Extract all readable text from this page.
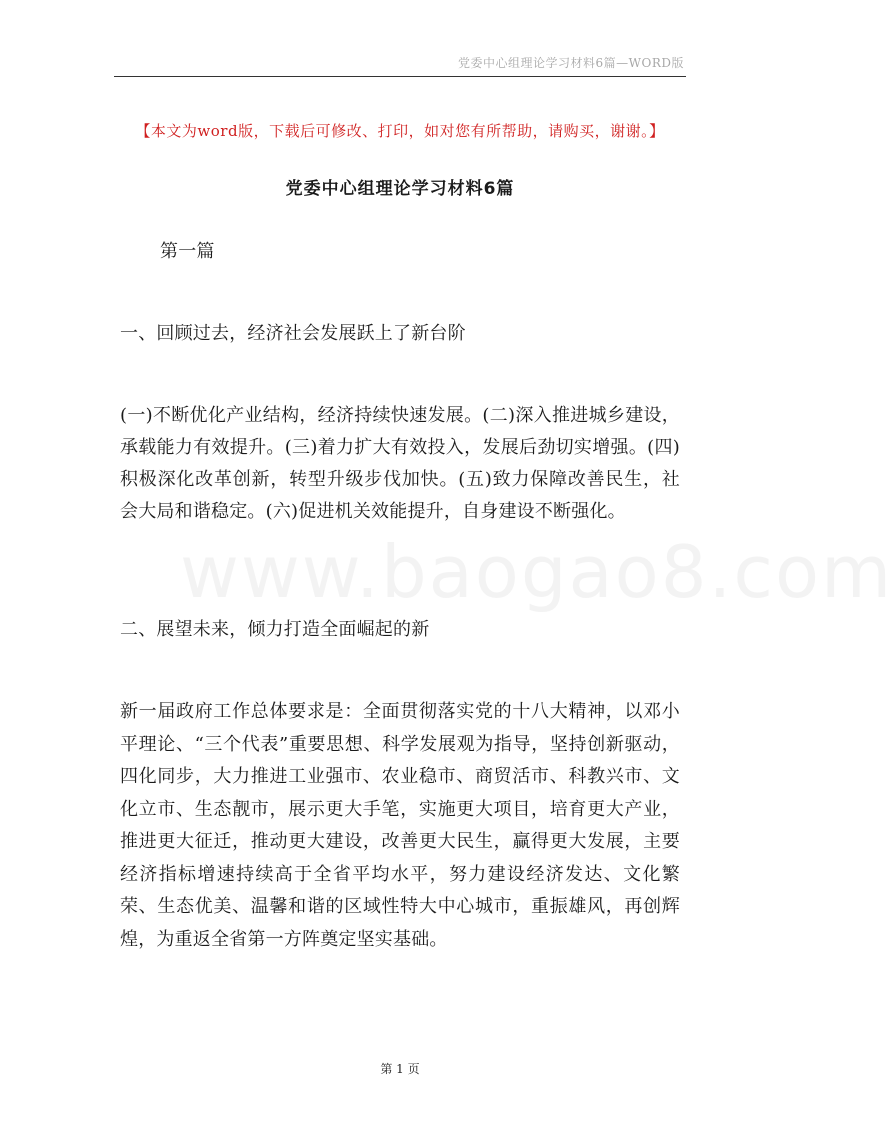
党委中心组理论学习材料6篇—WORD版
【本文为word版，下载后可修改、打印，如对您有所帮助，请购买，谢谢。】
党委中心组理论学习材料6篇
www.baogao8.com
第一篇
一、回顾过去，经济社会发展跃上了新台阶
(一)不断优化产业结构，经济持续快速发展。(二)深入推进城乡建设，承载能力有效提升。(三)着力扩大有效投入，发展后劲切实增强。(四)积极深化改革创新，转型升级步伐加快。(五)致力保障改善民生，社会大局和谐稳定。(六)促进机关效能提升，自身建设不断强化。
二、展望未来，倾力打造全面崛起的新
新一届政府工作总体要求是：全面贯彻落实党的十八大精神，以邓小平理论、“三个代表”重要思想、科学发展观为指导，坚持创新驱动，四化同步，大力推进工业强市、农业稳市、商贸活市、科教兴市、文化立市、生态靓市，展示更大手笔，实施更大项目，培育更大产业，推进更大征迁，推动更大建设，改善更大民生，赢得更大发展，主要经济指标增速持续高于全省平均水平，努力建设经济发达、文化繁荣、生态优美、温馨和谐的区域性特大中心城市，重振雄风，再创辉煌，为重返全省第一方阵奠定坚实基础。
第 1 页
